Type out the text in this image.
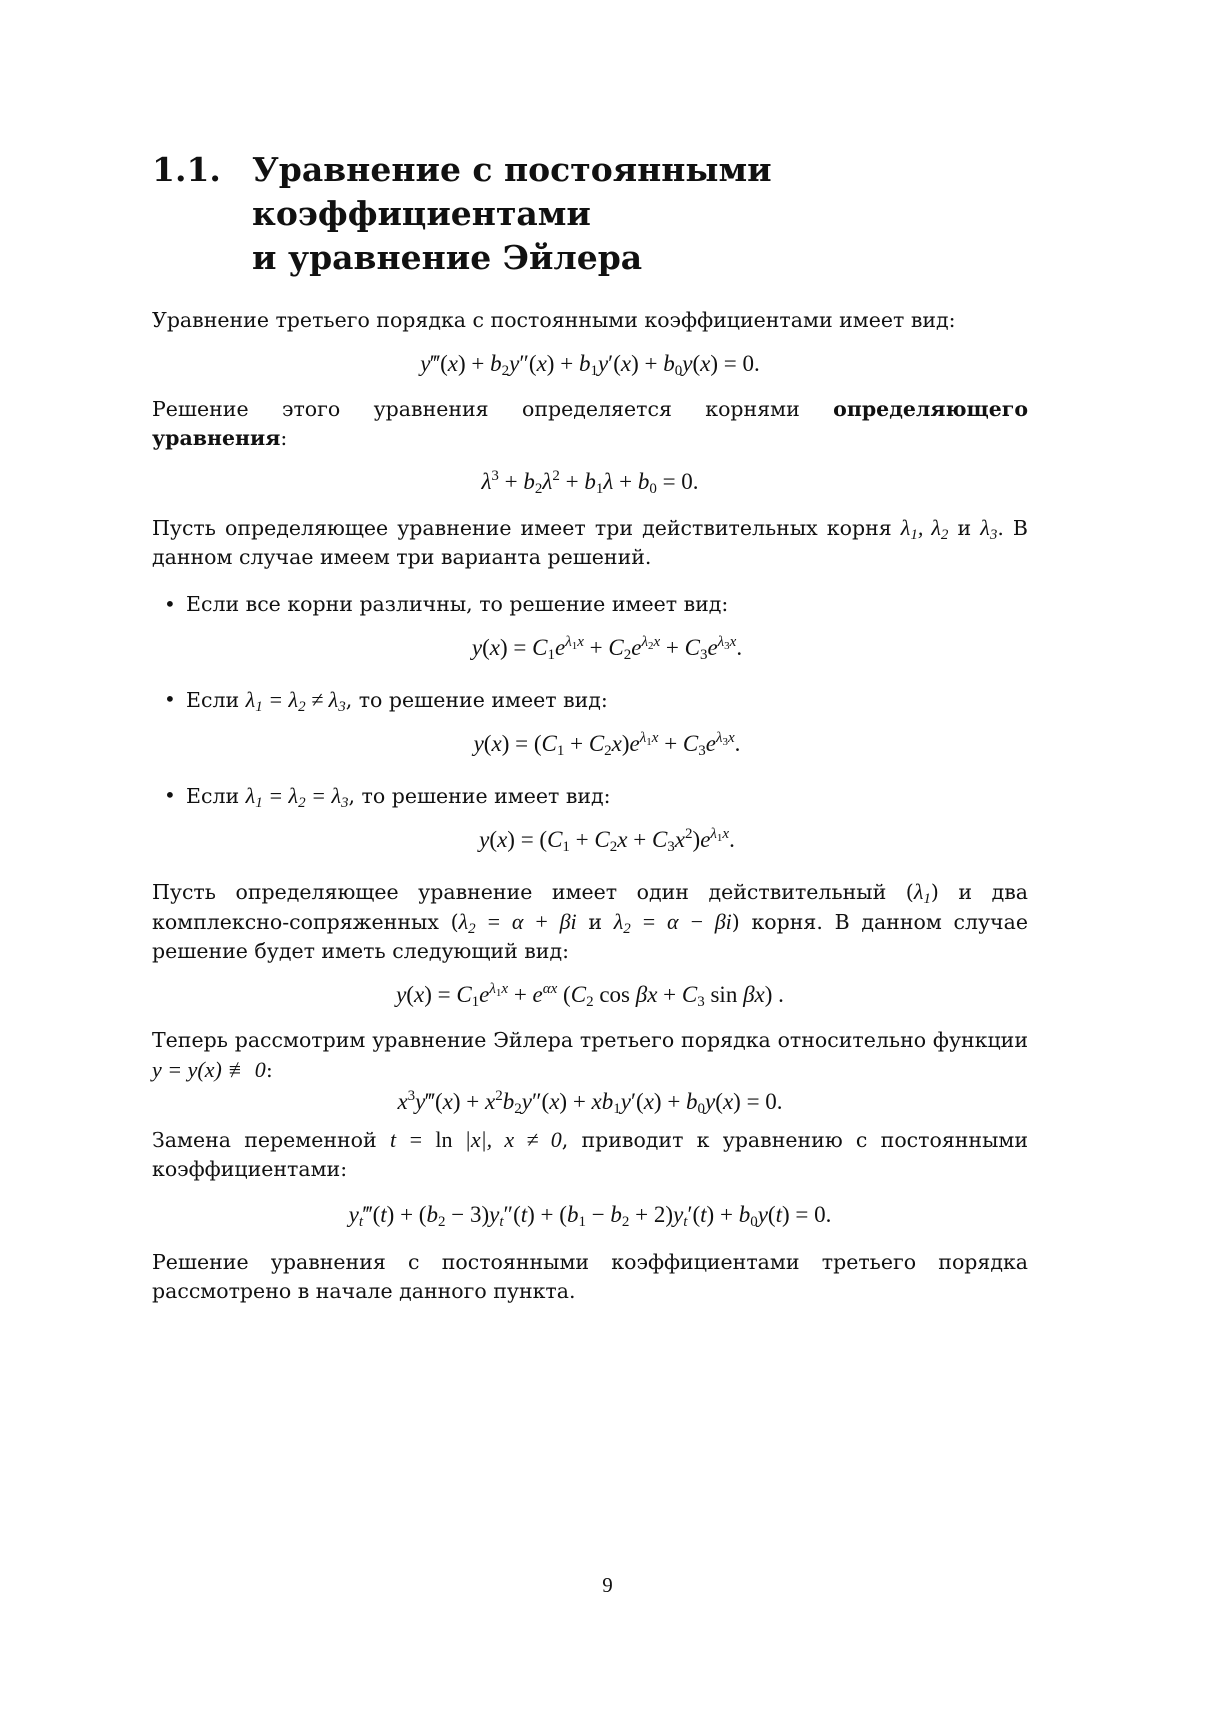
1.1. Уравнение с постоянными коэффициентами
и уравнение Эйлера

Уравнение третьего порядка с постоянными коэффициентами имеет вид:

y‴(x) + $b_2y''(x) + b_1y'(x) + b_0y(x) = 0$.

Решение этого уравнения определяется корнями определяющего уравнения:

$\lambda^3 + b_2\lambda^2 + b_1\lambda + b_0 = 0$.

Пусть определяющее уравнение имеет три действительных корня $\lambda_1$, $\lambda_2$ и $\lambda_3$. В данном случае имеем три варианта решений.

• Если все корни различны, то решение имеет вид:

$y(x) = C_1e^{\lambda_1x} + C_2e^{\lambda_2x} + C_3e^{\lambda_3x}$.
• Если $\lambda_1 = \lambda_2 \ne \lambda_3$, то решение имеет вид:

$y(x) = (C_1 + C_2x)e^{\lambda_1x} + C_3e^{\lambda_3x}$.
• Если $\lambda_1 = \lambda_2 = \lambda_3$, то решение имеет вид:

$y(x) = (C_1 + C_2x + C_3x^2)e^{\lambda_1x}$.

Пусть определяющее уравнение имеет один действительный $(\lambda_1)$ и два комплексно-сопряженных ($\lambda_2 = \alpha + \beta i$ и $\lambda_2 = \alpha - \beta i$) корня. В данном случае решение будет иметь следующий вид:

$y(x) = C_1e^{\lambda_1x} + e^{\alpha x}$ ($C_2$ $\cos \beta x + C_3$ sin βx) .

Теперь рассмотрим уравнение Эйлера третьего порядка относительно функции y = y(x) ≢ 0:

$x^3y‴(x) + x^2b_2y''(x) + xb_1y'(x) + b_0y(x) = 0$.

Замена переменной t = ln |x|, x ≠ 0, приводит к уравнению с постоянными коэффициентами:

$y_t‴(t) + (b_2 - 3)y_t''(t) + (b_1 - b_2 + 2)y_t'(t) + b_0y(t) = 0$.

Решение уравнения с постоянными коэффициентами третьего порядка рассмотрено в начале данного пункта.

9
